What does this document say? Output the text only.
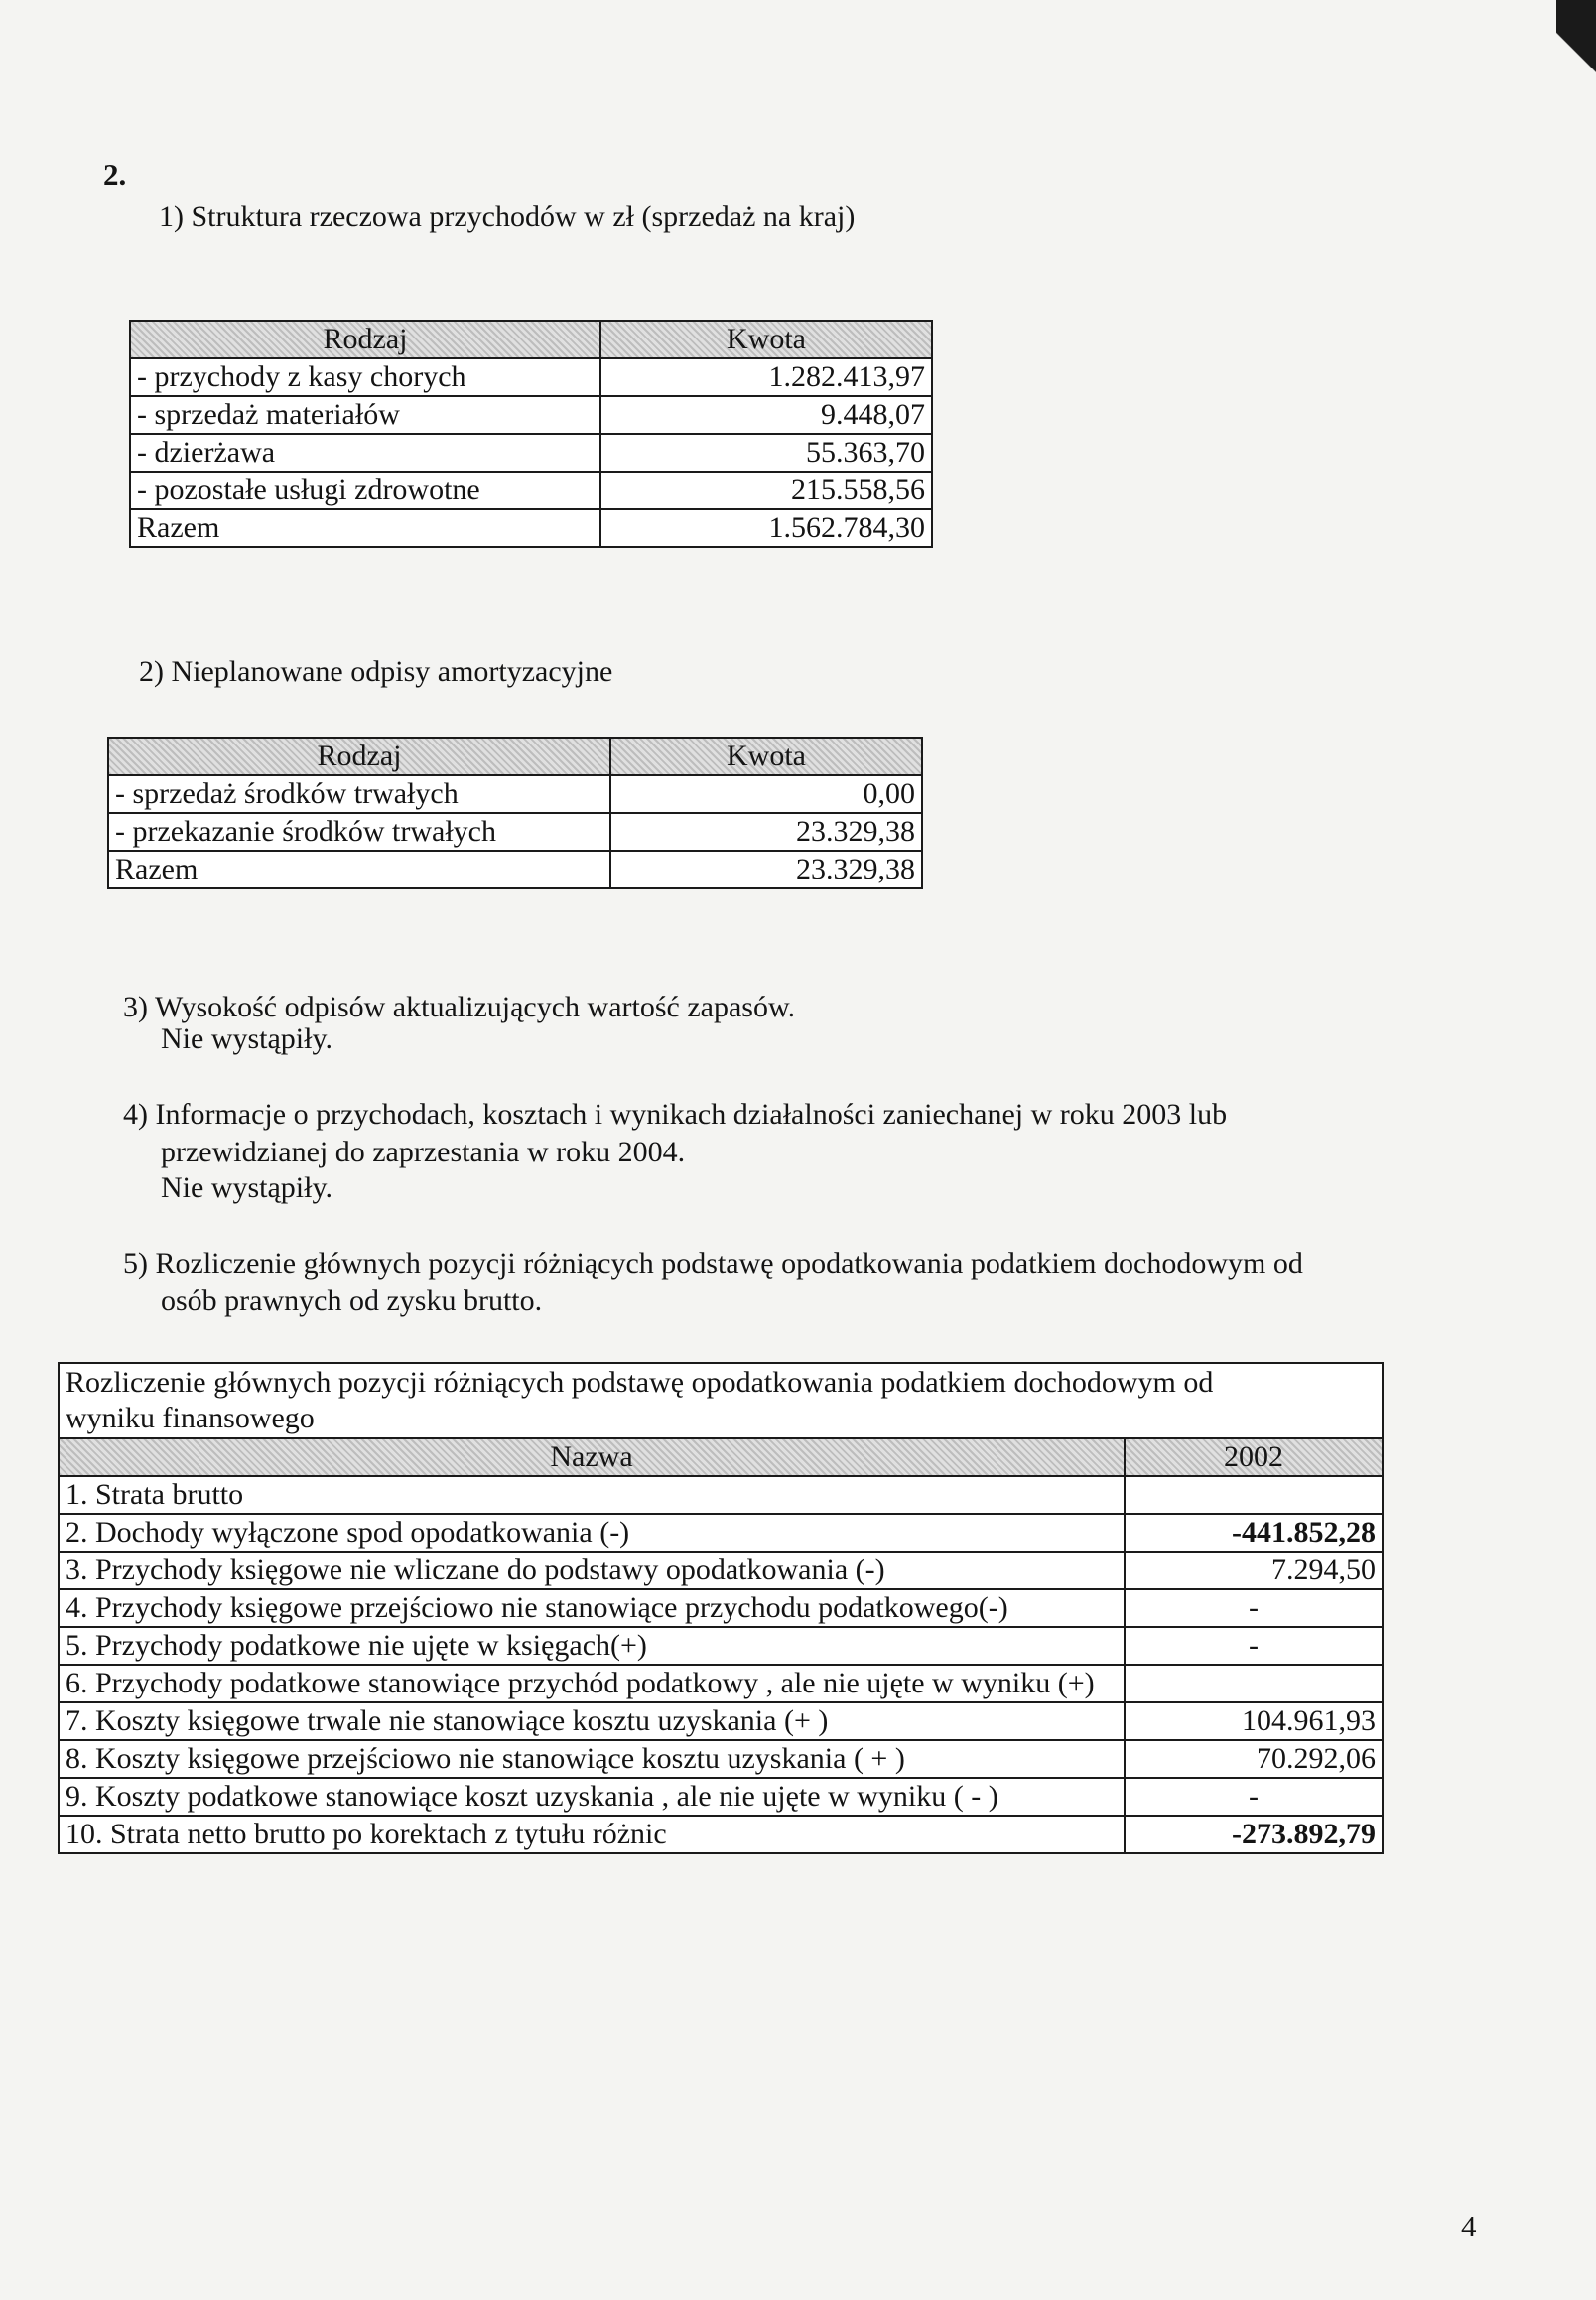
2.
1) Struktura rzeczowa przychodów w zł (sprzedaż na kraj)
Rodzaj	Kwota
- przychody z kasy chorych	1.282.413,97
- sprzedaż materiałów	9.448,07
- dzierżawa	55.363,70
- pozostałe usługi zdrowotne	215.558,56
Razem	1.562.784,30
2) Nieplanowane odpisy amortyzacyjne
Rodzaj	Kwota
- sprzedaż środków trwałych	0,00
- przekazanie środków trwałych	23.329,38
Razem	23.329,38
3) Wysokość odpisów aktualizujących wartość zapasów.
Nie wystąpiły.
4) Informacje o przychodach, kosztach i wynikach działalności zaniechanej w roku 2003 lub
przewidzianej do zaprzestania w roku 2004.
Nie wystąpiły.
5) Rozliczenie głównych pozycji różniących podstawę opodatkowania podatkiem dochodowym od
osób prawnych od zysku brutto.
Rozliczenie głównych pozycji różniących podstawę opodatkowania podatkiem dochodowym od
wyniku finansowego	
Nazwa	2002
1. Strata brutto	
2. Dochody wyłączone spod opodatkowania (-)	-441.852,28
3. Przychody księgowe nie wliczane do podstawy opodatkowania (-)	7.294,50
4. Przychody księgowe przejściowo nie stanowiące przychodu podatkowego(-)	-
5. Przychody podatkowe nie ujęte w księgach(+)	-
6. Przychody podatkowe stanowiące przychód podatkowy , ale nie ujęte w wyniku (+)	
7. Koszty księgowe trwale nie stanowiące kosztu uzyskania (+ )	104.961,93
8. Koszty księgowe przejściowo nie stanowiące kosztu uzyskania ( + )	70.292,06
9. Koszty podatkowe stanowiące koszt uzyskania , ale nie ujęte w wyniku ( - )	-
10. Strata netto brutto po korektach z tytułu różnic	-273.892,79
4
